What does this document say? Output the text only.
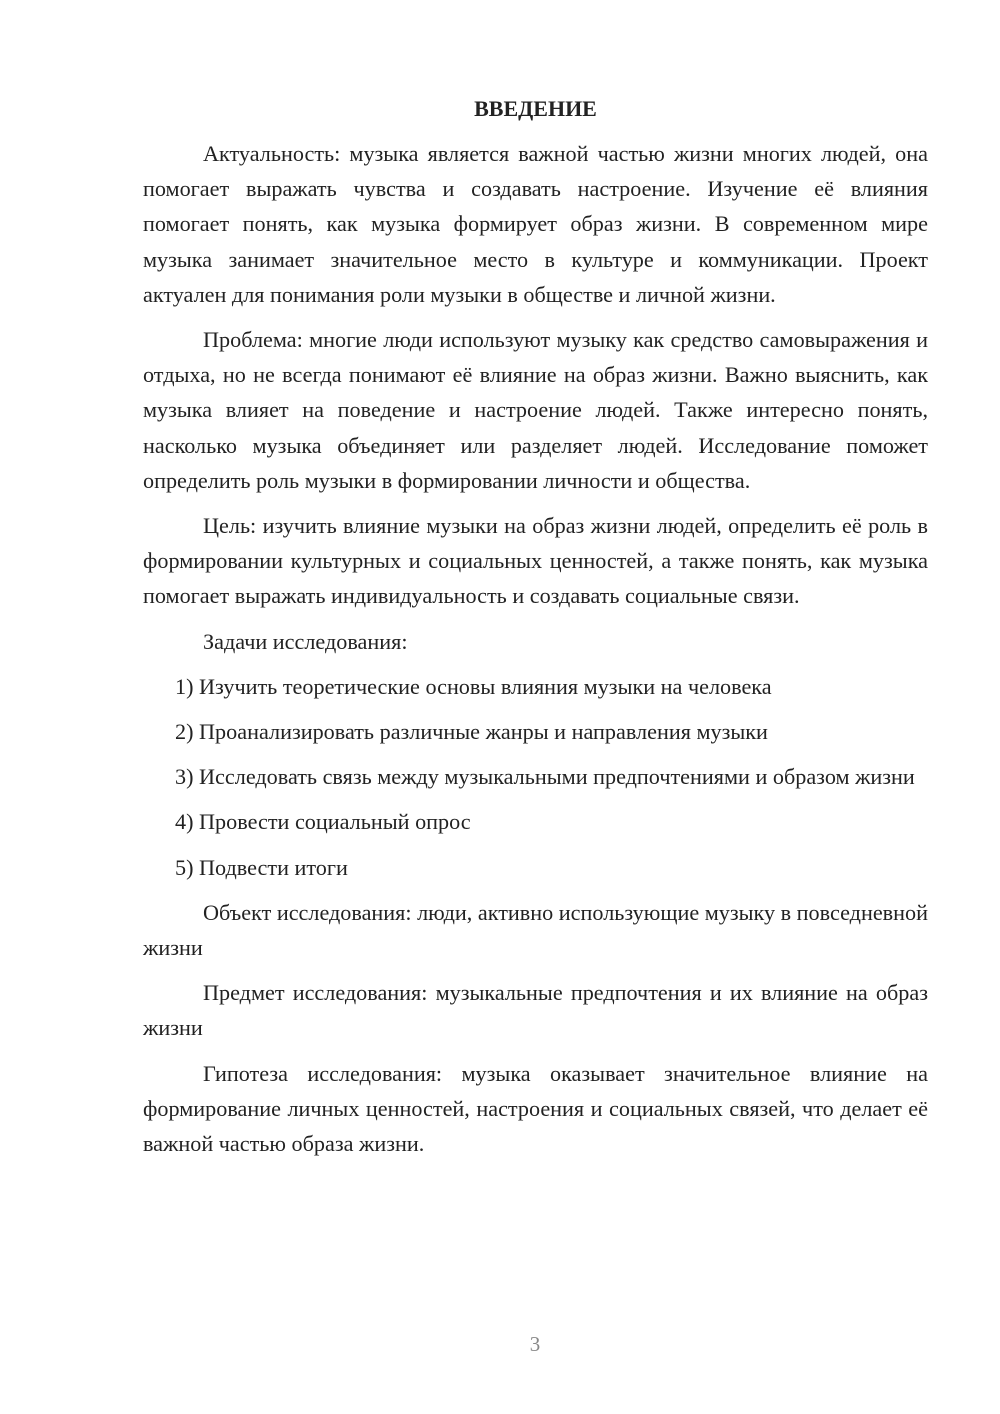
ВВЕДЕНИЕ

Актуальность: музыка является важной частью жизни многих людей, она помогает выражать чувства и создавать настроение. Изучение её влияния помогает понять, как музыка формирует образ жизни. В современном мире музыка занимает значительное место в культуре и коммуникации. Проект актуален для понимания роли музыки в обществе и личной жизни.

Проблема: многие люди используют музыку как средство самовыражения и отдыха, но не всегда понимают её влияние на образ жизни. Важно выяснить, как музыка влияет на поведение и настроение людей. Также интересно понять, насколько музыка объединяет или разделяет людей. Исследование поможет определить роль музыки в формировании личности и общества.

Цель: изучить влияние музыки на образ жизни людей, определить её роль в формировании культурных и социальных ценностей, а также понять, как музыка помогает выражать индивидуальность и создавать социальные связи.

Задачи исследования:

1) Изучить теоретические основы влияния музыки на человека

2) Проанализировать различные жанры и направления музыки

3) Исследовать связь между музыкальными предпочтениями и образом жизни

4) Провести социальный опрос

5) Подвести итоги

Объект исследования: люди, активно использующие музыку в повседневной жизни

Предмет исследования: музыкальные предпочтения и их влияние на образ жизни

Гипотеза исследования: музыка оказывает значительное влияние на формирование личных ценностей, настроения и социальных связей, что делает её важной частью образа жизни.

3
